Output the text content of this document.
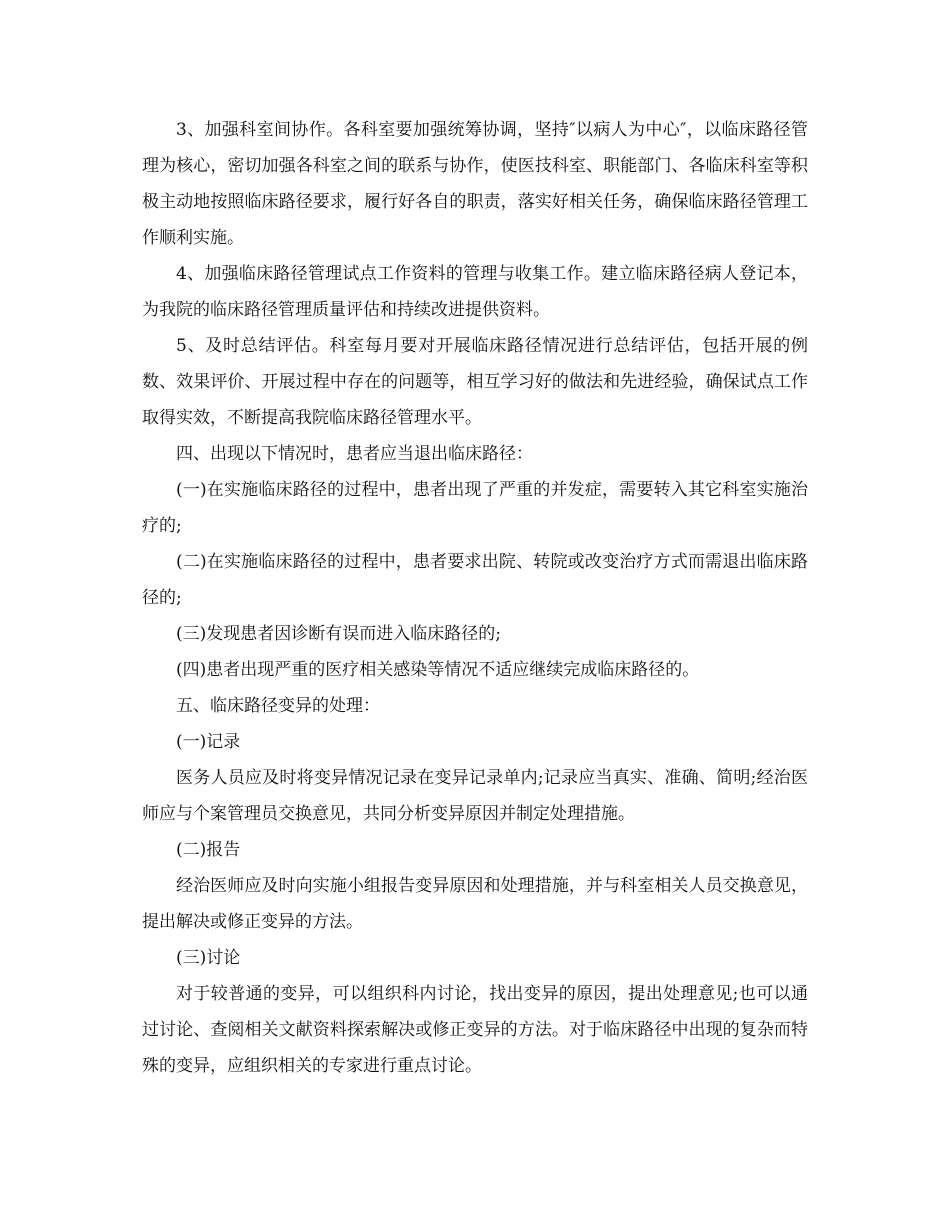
3、加强科室间协作。各科室要加强统筹协调，坚持″以病人为中心″，以临床路径管理为核心，密切加强各科室之间的联系与协作，使医技科室、职能部门、各临床科室等积极主动地按照临床路径要求，履行好各自的职责，落实好相关任务，确保临床路径管理工作顺利实施。

4、加强临床路径管理试点工作资料的管理与收集工作。建立临床路径病人登记本，为我院的临床路径管理质量评估和持续改进提供资料。

5、及时总结评估。科室每月要对开展临床路径情况进行总结评估，包括开展的例数、效果评价、开展过程中存在的问题等，相互学习好的做法和先进经验，确保试点工作取得实效，不断提高我院临床路径管理水平。

四、出现以下情况时，患者应当退出临床路径：

(一)在实施临床路径的过程中，患者出现了严重的并发症，需要转入其它科室实施治疗的;

(二)在实施临床路径的过程中，患者要求出院、转院或改变治疗方式而需退出临床路径的;

(三)发现患者因诊断有误而进入临床路径的;

(四)患者出现严重的医疗相关感染等情况不适应继续完成临床路径的。

五、临床路径变异的处理：

(一)记录

医务人员应及时将变异情况记录在变异记录单内;记录应当真实、准确、简明;经治医师应与个案管理员交换意见，共同分析变异原因并制定处理措施。

(二)报告

经治医师应及时向实施小组报告变异原因和处理措施，并与科室相关人员交换意见，提出解决或修正变异的方法。

(三)讨论

对于较普通的变异，可以组织科内讨论，找出变异的原因，提出处理意见;也可以通过讨论、查阅相关文献资料探索解决或修正变异的方法。对于临床路径中出现的复杂而特殊的变异，应组织相关的专家进行重点讨论。
